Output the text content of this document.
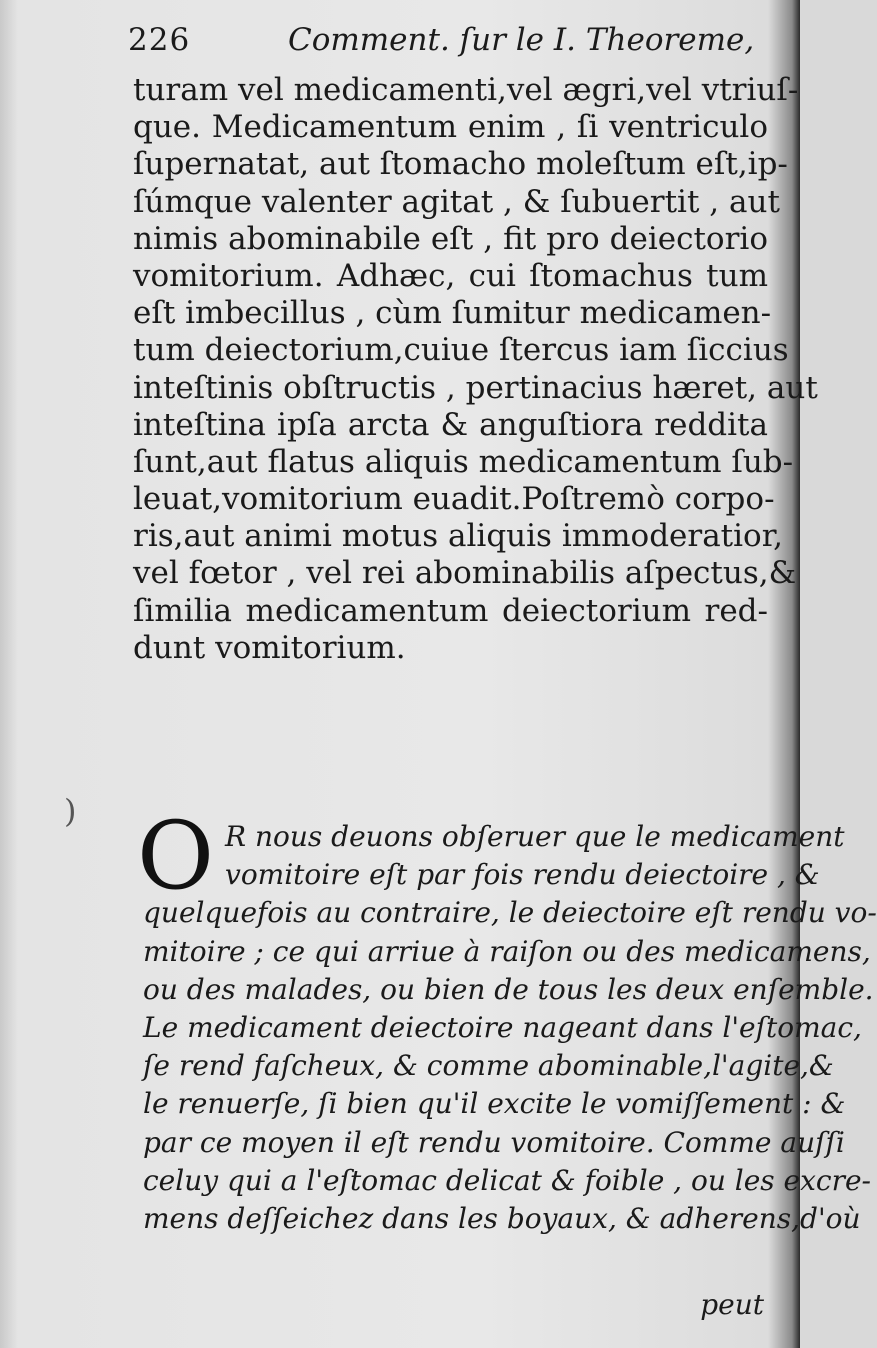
226	Comment. ſur le I. Theoreme,
turam vel medicamenti,vel ægri,vel vtriuſ-
que. Medicamentum enim , ſi ventriculo
ſupernatat, aut ſtomacho moleſtum eſt,ip-
ſúmque valenter agitat , & ſubuertit , aut
nimis abominabile eſt , fit pro deiectorio
vomitorium. Adhæc, cui ſtomachus tum
eſt imbecillus , cùm ſumitur medicamen-
tum deiectorium,cuiue ſtercus iam ſiccius
inteſtinis obſtructis , pertinacius hæret, aut
inteſtina ipſa arcta & anguſtiora reddita
ſunt,aut flatus aliquis medicamentum ſub-
leuat,vomitorium euadit.Poſtremò corpo-
ris,aut animi motus aliquis immoderatior,
vel fœtor , vel rei abominabilis aſpectus,&
ſimilia medicamentum deiectorium red-
dunt vomitorium.
) O R nous deuons obſeruer que le medicament
vomitoire eſt par fois rendu deiectoire , &
quelquefois au contraire, le deiectoire eſt rendu vo-
mitoire ; ce qui arriue à raiſon ou des medicamens,
ou des malades, ou bien de tous les deux enſemble.
Le medicament deiectoire nageant dans l'eſtomac,
ſe rend faſcheux, & comme abominable,l'agite,&
le renuerſe, ſi bien qu'il excite le vomiſſement : &
par ce moyen il eſt rendu vomitoire. Comme auſſi
celuy qui a l'eſtomac delicat & foible , ou les excre-
mens deſſeichez dans les boyaux, & adherens,d'où
peut
